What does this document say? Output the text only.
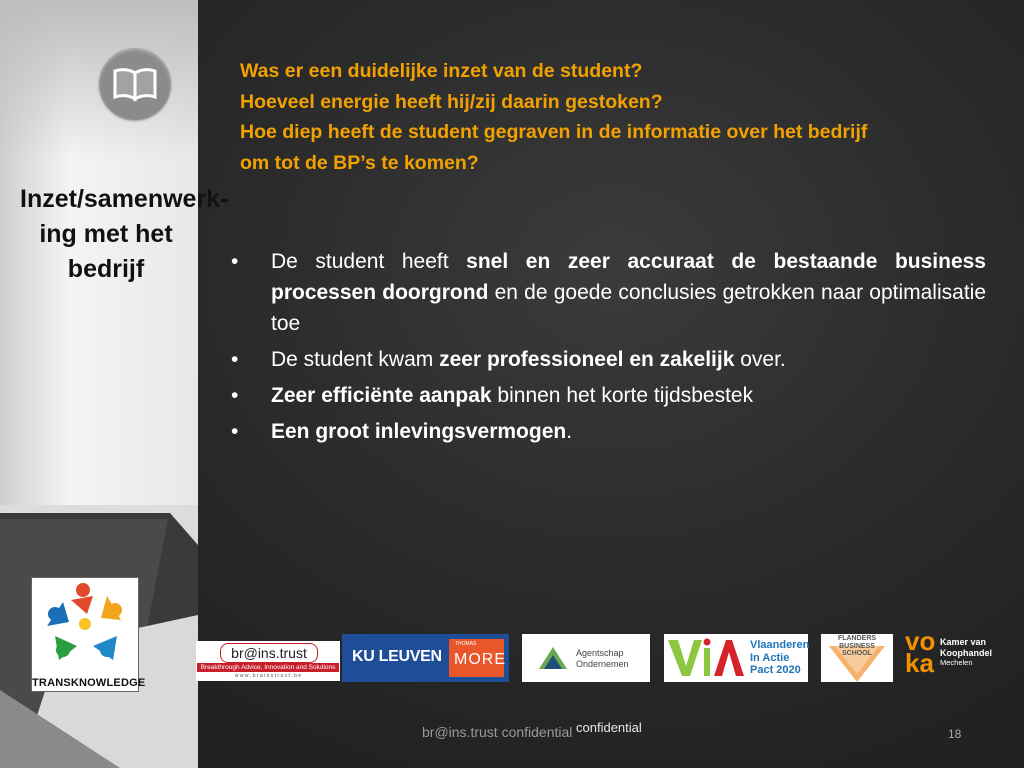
Inzet/samenwerk-ing met het bedrijf
TRANSKNOWLEDGE
Was er een duidelijke inzet van de student?
Hoeveel energie heeft hij/zij daarin gestoken?
Hoe diep heeft de student gegraven in de informatie over het bedrijf
om tot de BP’s te komen?
• De student heeft snel en zeer accuraat de bestaande business processen doorgrond en de goede conclusies getrokken naar optimalisatie toe
• De student kwam zeer professioneel en zakelijk over.
• Zeer efficiënte aanpak binnen het korte tijdsbestek
• Een groot inlevingsvermogen.
br@ins.trust
Breakthrough Advice, Innovation and Solutions
w w w . b r a i n s t r u s t . b e
KU LEUVEN
THOMAS
MORE	Agentschap
Ondernemen
Vlaanderen
In Actie
Pact 2020
FLANDERS
BUSINESS
SCHOOL	voka
Kamer van
Koophandel
Mechelen
br@ins.trust confidential confidential	18
